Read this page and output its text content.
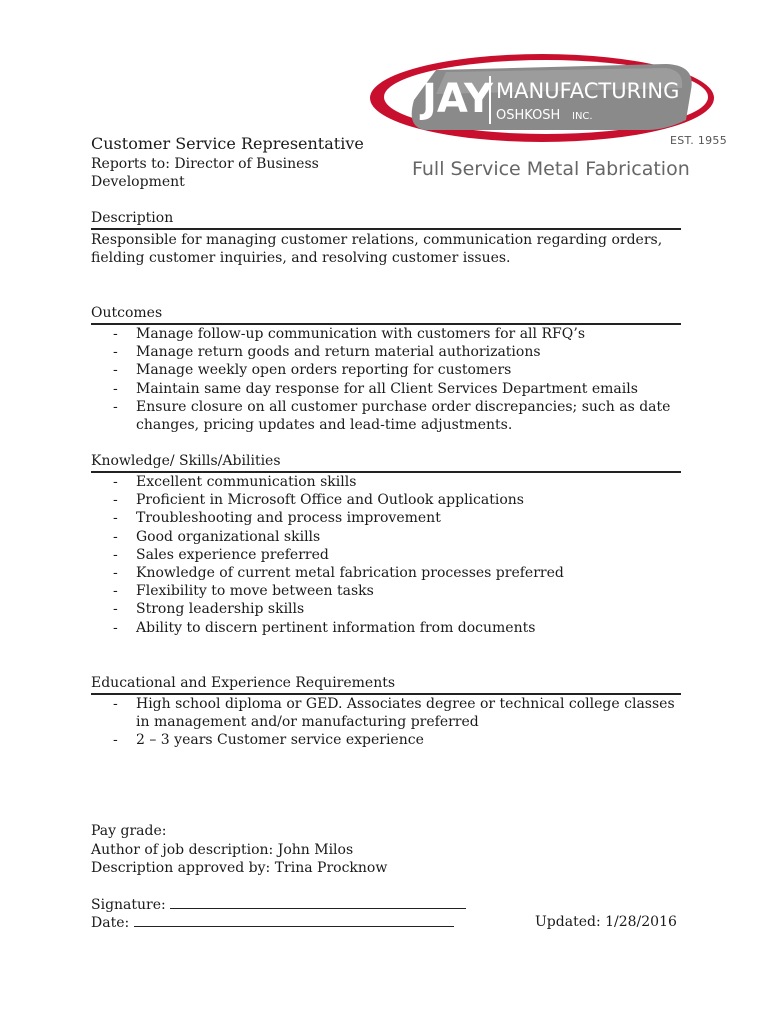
JAY MANUFACTURING
OSHKOSH INC.
EST. 1955
Full Service Metal Fabrication
Customer Service Representative
Reports to: Director of Business Development
Description
Responsible for managing customer relations, communication regarding orders, fielding customer inquiries, and resolving customer issues.
Outcomes
- Manage follow-up communication with customers for all RFQ’s
- Manage return goods and return material authorizations
- Manage weekly open orders reporting for customers
- Maintain same day response for all Client Services Department emails
- Ensure closure on all customer purchase order discrepancies; such as date changes, pricing updates and lead-time adjustments.
Knowledge/ Skills/Abilities
- Excellent communication skills
- Proficient in Microsoft Office and Outlook applications
- Troubleshooting and process improvement
- Good organizational skills
- Sales experience preferred
- Knowledge of current metal fabrication processes preferred
- Flexibility to move between tasks
- Strong leadership skills
- Ability to discern pertinent information from documents
Educational and Experience Requirements
- High school diploma or GED. Associates degree or technical college classes in management and/or manufacturing preferred
- 2 – 3 years Customer service experience
Pay grade:
Author of job description: John Milos
Description approved by: Trina Procknow
Signature:
Date:	Updated: 1/28/2016
